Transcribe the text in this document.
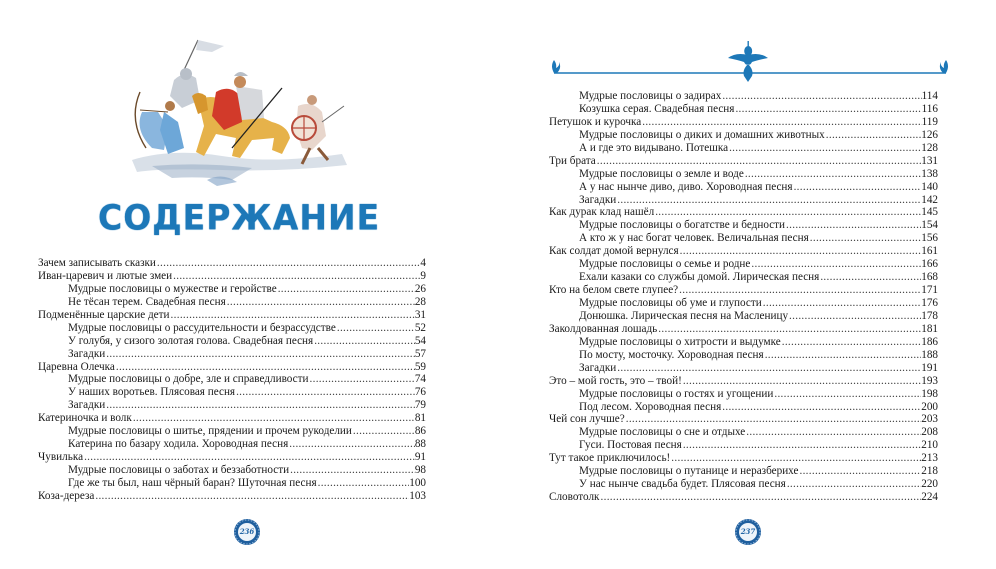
СОДЕРЖАНИЕ
Зачем записывать сказки .....	4
Иван-царевич и лютые змеи .....	9
Мудрые пословицы о мужестве и геройстве .....	26
Не тёсан терем. Свадебная песня .....	28
Подменённые царские дети .....	31
Мудрые пословицы о рассудительности и безрассудстве .....	52
У голубя, у сизого золотая голова. Свадебная песня .....	54
Загадки .....	57
Царевна Олечка .....	59
Мудрые пословицы о добре, зле и справедливости .....	74
У наших воротьев. Плясовая песня .....	76
Загадки .....	79
Катериночка и волк .....	81
Мудрые пословицы о шитье, прядении и прочем рукоделии .....	86
Катерина по базару ходила. Хороводная песня .....	88
Чувилька .....	91
Мудрые пословицы о заботах и беззаботности .....	98
Где же ты был, наш чёрный баран? Шуточная песня .....	100
Коза-дереза .....	103
236
Мудрые пословицы о задирах .....	114
Козушка серая. Свадебная песня .....	116
Петушок и курочка .....	119
Мудрые пословицы о диких и домашних животных .....	126
А и где это видывано. Потешка .....	128
Три брата .....	131
Мудрые пословицы о земле и воде .....	138
А у нас нынче диво, диво. Хороводная песня .....	140
Загадки .....	142
Как дурак клад нашёл .....	145
Мудрые пословицы о богатстве и бедности .....	154
А кто ж у нас богат человек. Величальная песня .....	156
Как солдат домой вернулся .....	161
Мудрые пословицы о семье и родне .....	166
Ехали казаки со службы домой. Лирическая песня .....	168
Кто на белом свете глупее? .....	171
Мудрые пословицы об уме и глупости .....	176
Донюшка. Лирическая песня на Масленицу .....	178
Заколдованная лошадь .....	181
Мудрые пословицы о хитрости и выдумке .....	186
По мосту, мосточку. Хороводная песня .....	188
Загадки .....	191
Это – мой гость, это – твой! .....	193
Мудрые пословицы о гостях и угощении .....	198
Под лесом. Хороводная песня .....	200
Чей сон лучше? .....	203
Мудрые пословицы о сне и отдыхе .....	208
Гуси. Постовая песня .....	210
Тут такое приключилось! .....	213
Мудрые пословицы о путанице и неразберихе .....	218
У нас нынче свадьба будет. Плясовая песня .....	220
Словотолк .....	224
237
